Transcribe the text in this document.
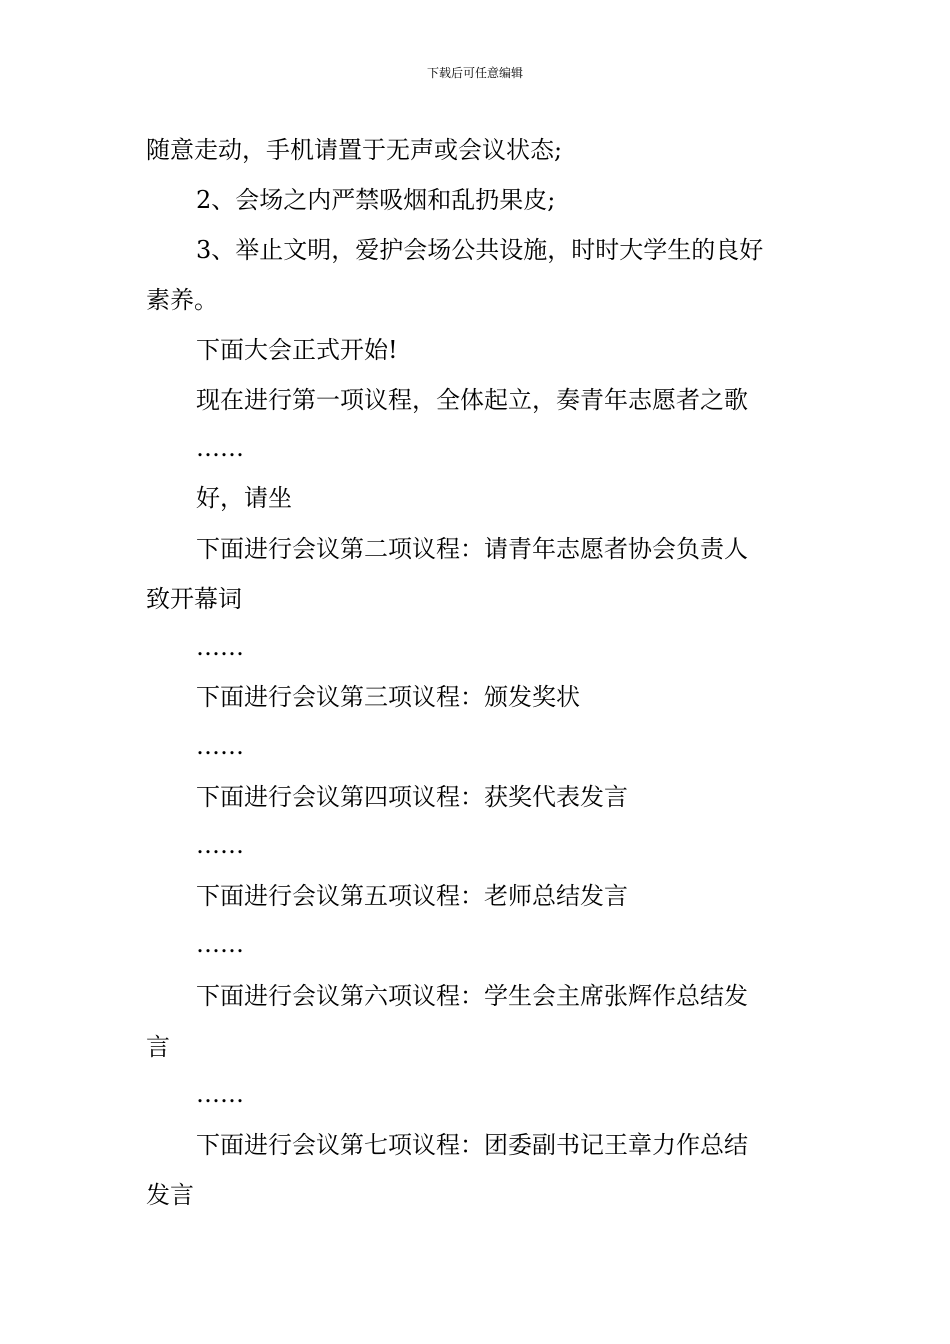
下载后可任意编辑
随意走动，手机请置于无声或会议状态;
2、会场之内严禁吸烟和乱扔果皮;
3、举止文明，爱护会场公共设施，时时大学生的良好
素养。
下面大会正式开始!
现在进行第一项议程，全体起立，奏青年志愿者之歌
……
好，请坐
下面进行会议第二项议程：请青年志愿者协会负责人
致开幕词
……
下面进行会议第三项议程：颁发奖状
……
下面进行会议第四项议程：获奖代表发言
……
下面进行会议第五项议程：老师总结发言
……
下面进行会议第六项议程：学生会主席张辉作总结发
言
……
下面进行会议第七项议程：团委副书记王章力作总结
发言
